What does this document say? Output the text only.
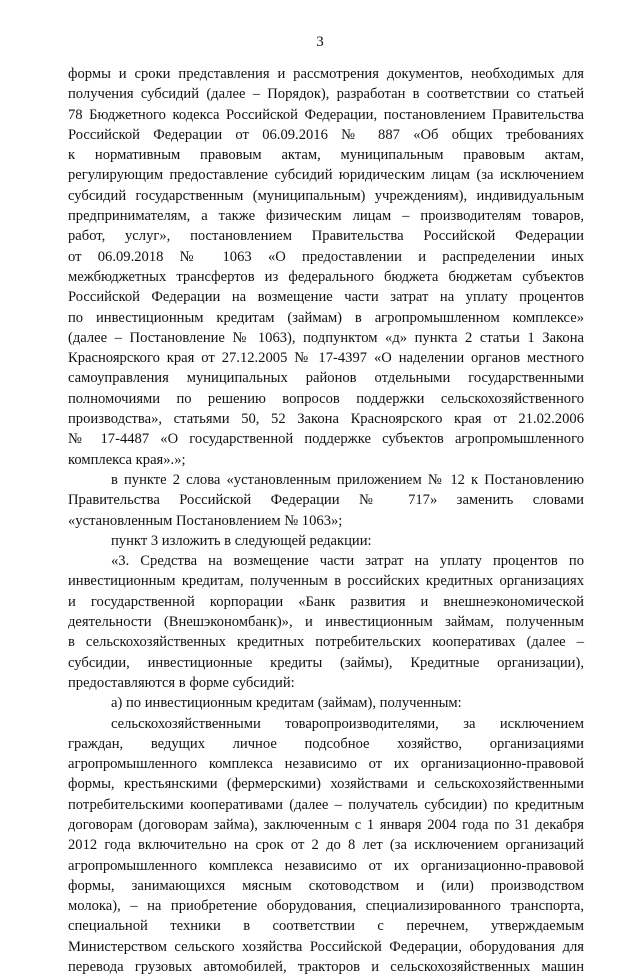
3
формы и сроки представления и рассмотрения документов, необходимых для
получения субсидий (далее – Порядок), разработан в соответствии со статьей
78 Бюджетного кодекса Российской Федерации, постановлением Правительства
Российской Федерации от 06.09.2016 № 887 «Об общих требованиях
к нормативным правовым актам, муниципальным правовым актам,
регулирующим предоставление субсидий юридическим лицам (за исключением
субсидий государственным (муниципальным) учреждениям), индивидуальным
предпринимателям, а также физическим лицам – производителям товаров,
работ, услуг», постановлением Правительства Российской Федерации
от 06.09.2018 № 1063 «О предоставлении и распределении иных
межбюджетных трансфертов из федерального бюджета бюджетам субъектов
Российской Федерации на возмещение части затрат на уплату процентов
по инвестиционным кредитам (займам) в агропромышленном комплексе»
(далее – Постановление № 1063), подпунктом «д» пункта 2 статьи 1 Закона
Красноярского края от 27.12.2005 № 17-4397 «О наделении органов местного
самоуправления муниципальных районов отдельными государственными
полномочиями по решению вопросов поддержки сельскохозяйственного
производства», статьями 50, 52 Закона Красноярского края от 21.02.2006
№ 17-4487 «О государственной поддержке субъектов агропромышленного
комплекса края».»;
в пункте 2 слова «установленным приложением № 12 к Постановлению
Правительства Российской Федерации № 717» заменить словами
«установленным Постановлением № 1063»;
пункт 3 изложить в следующей редакции:
«3. Средства на возмещение части затрат на уплату процентов по
инвестиционным кредитам, полученным в российских кредитных организациях
и государственной корпорации «Банк развития и внешнеэкономической
деятельности (Внешэкономбанк)», и инвестиционным займам, полученным
в сельскохозяйственных кредитных потребительских кооперативах (далее –
субсидии, инвестиционные кредиты (займы), Кредитные организации),
предоставляются в форме субсидий:
а) по инвестиционным кредитам (займам), полученным:
сельскохозяйственными товаропроизводителями, за исключением
граждан, ведущих личное подсобное хозяйство, организациями
агропромышленного комплекса независимо от их организационно-правовой
формы, крестьянскими (фермерскими) хозяйствами и сельскохозяйственными
потребительскими кооперативами (далее – получатель субсидии) по кредитным
договорам (договорам займа), заключенным с 1 января 2004 года по 31 декабря
2012 года включительно на срок от 2 до 8 лет (за исключением организаций
агропромышленного комплекса независимо от их организационно-правовой
формы, занимающихся мясным скотоводством и (или) производством
молока), – на приобретение оборудования, специализированного транспорта,
специальной техники в соответствии с перечнем, утверждаемым
Министерством сельского хозяйства Российской Федерации, оборудования для
перевода грузовых автомобилей, тракторов и сельскохозяйственных машин
